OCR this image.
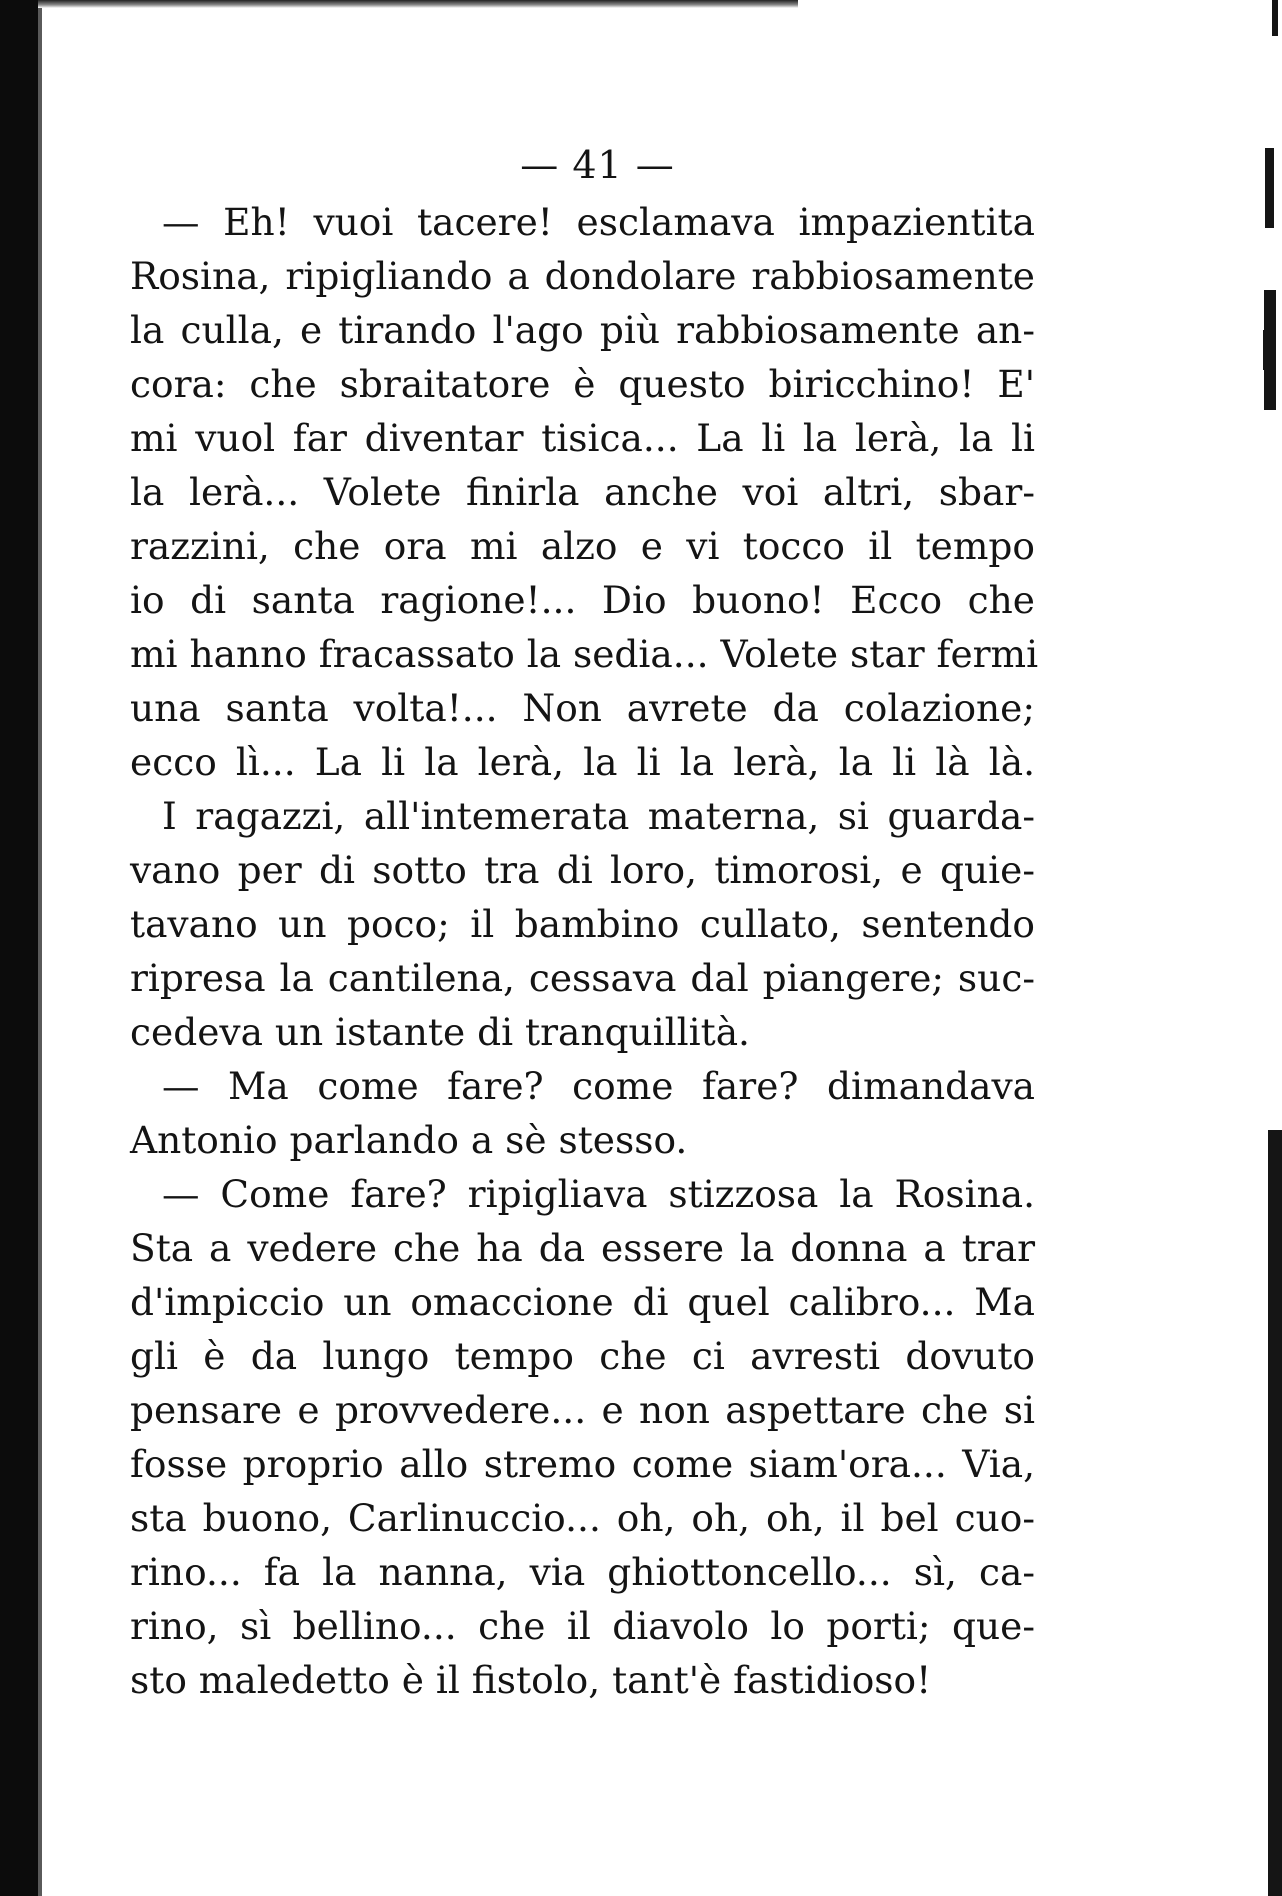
— 41 —

— Eh! vuoi tacere! esclamava impazientita
Rosina, ripigliando a dondolare rabbiosamente
la culla, e tirando l'ago più rabbiosamente an-
cora: che sbraitatore è questo biricchino! E'
mi vuol far diventar tisica... La li la lerà, la li
la lerà... Volete finirla anche voi altri, sbar-
razzini, che ora mi alzo e vi tocco il tempo
io di santa ragione!... Dio buono! Ecco che
mi hanno fracassato la sedia... Volete star fermi
una santa volta!... Non avrete da colazione;
ecco lì... La li la lerà, la li la lerà, la li là là.

I ragazzi, all'intemerata materna, si guarda-
vano per di sotto tra di loro, timorosi, e quie-
tavano un poco; il bambino cullato, sentendo
ripresa la cantilena, cessava dal piangere; suc-
cedeva un istante di tranquillità.

— Ma come fare? come fare? dimandava
Antonio parlando a sè stesso.

— Come fare? ripigliava stizzosa la Rosina.
Sta a vedere che ha da essere la donna a trar
d'impiccio un omaccione di quel calibro... Ma
gli è da lungo tempo che ci avresti dovuto
pensare e provvedere... e non aspettare che si
fosse proprio allo stremo come siam'ora... Via,
sta buono, Carlinuccio... oh, oh, oh, il bel cuo-
rino... fa la nanna, via ghiottoncello... sì, ca-
rino, sì bellino... che il diavolo lo porti; que-
sto maledetto è il fistolo, tant'è fastidioso!
